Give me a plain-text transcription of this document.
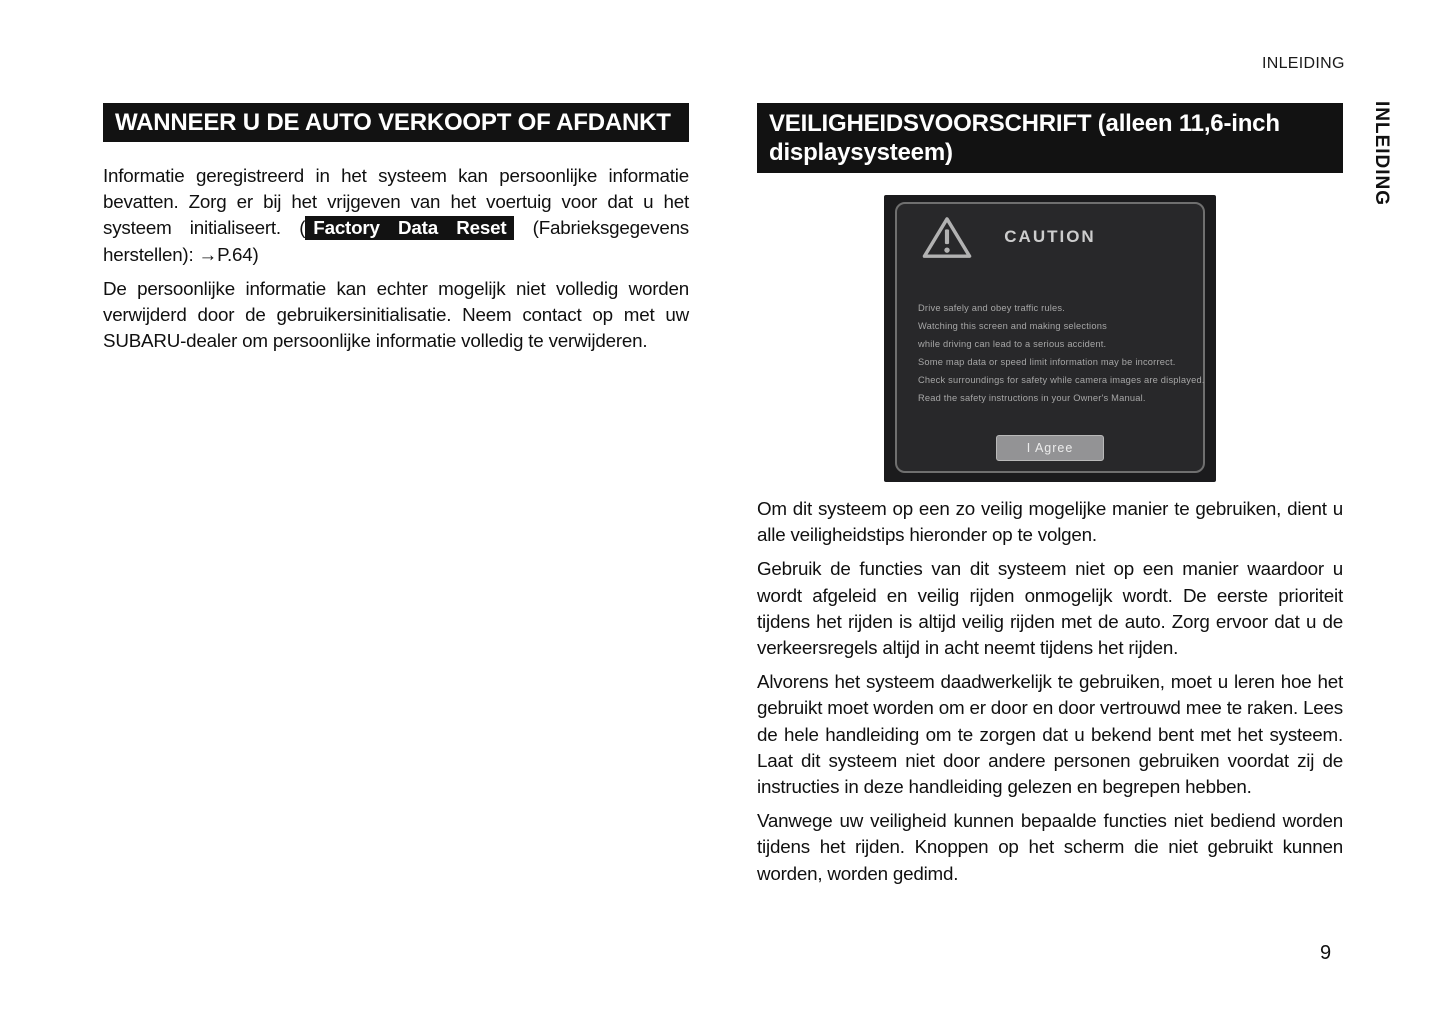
INLEIDING
INLEIDING
WANNEER U DE AUTO VERKOOPT OF AFDANKT

Informatie geregistreerd in het systeem kan persoonlijke informatie bevatten. Zorg er bij het vrijgeven van het voertuig voor dat u het systeem initialiseert. ( Factory Data Reset (Fabrieksgegevens herstellen): →P.64)

De persoonlijke informatie kan echter mogelijk niet volledig worden verwijderd door de gebruikersinitialisatie. Neem contact op met uw SUBARU-dealer om persoonlijke informatie volledig te verwijderen.

VEILIGHEIDSVOORSCHRIFT (alleen 11,6-inch displaysysteem)
CAUTION
Drive safely and obey traffic rules.
Watching this screen and making selections
while driving can lead to a serious accident.
Some map data or speed limit information may be incorrect.
Check surroundings for safety while camera images are displayed.
Read the safety instructions in your Owner's Manual.
I Agree

Om dit systeem op een zo veilig mogelijke manier te gebruiken, dient u alle veiligheidstips hieronder op te volgen.

Gebruik de functies van dit systeem niet op een manier waardoor u wordt afgeleid en veilig rijden onmogelijk wordt. De eerste prioriteit tijdens het rijden is altijd veilig rijden met de auto. Zorg ervoor dat u de verkeersregels altijd in acht neemt tijdens het rijden.

Alvorens het systeem daadwerkelijk te gebruiken, moet u leren hoe het gebruikt moet worden om er door en door vertrouwd mee te raken. Lees de hele handleiding om te zorgen dat u bekend bent met het systeem. Laat dit systeem niet door andere personen gebruiken voordat zij de instructies in deze handleiding gelezen en begrepen hebben.

Vanwege uw veiligheid kunnen bepaalde functies niet bediend worden tijdens het rijden. Knoppen op het scherm die niet gebruikt kunnen worden, worden gedimd.

9
